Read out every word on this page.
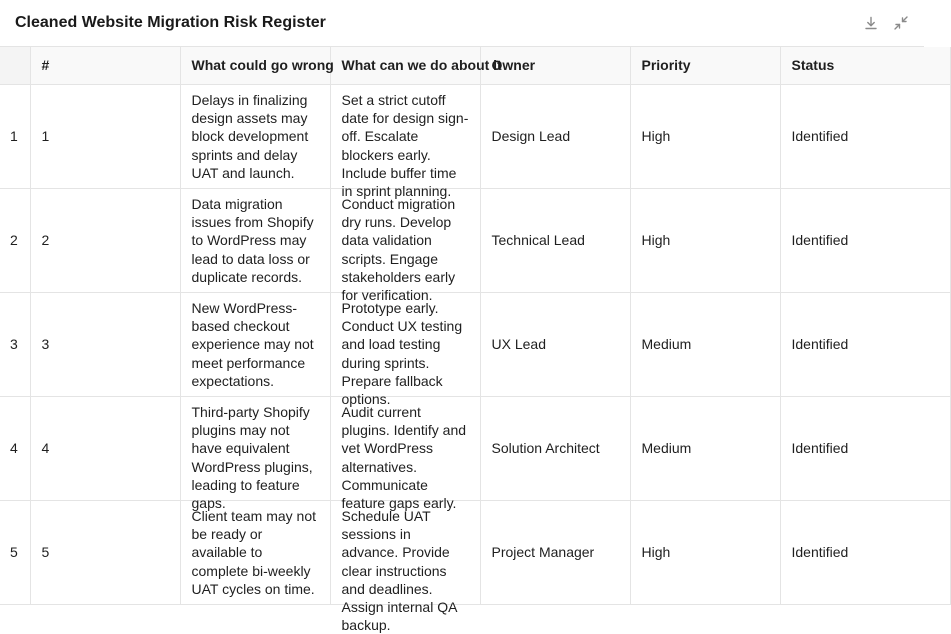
Cleaned Website Migration Risk Register
	#	What could go wrong	What can we do about it	Owner	Priority	Status
1	1	Delays in finalizing design assets may block development sprints and delay UAT and launch.	Set a strict cutoff date for design sign-off. Escalate blockers early. Include buffer time in sprint planning.	Design Lead	High	Identified
2	2	Data migration issues from Shopify to WordPress may lead to data loss or duplicate records.	Conduct migration dry runs. Develop data validation scripts. Engage stakeholders early for verification.	Technical Lead	High	Identified
3	3	New WordPress-based checkout experience may not meet performance expectations.	Prototype early. Conduct UX testing and load testing during sprints. Prepare fallback options.	UX Lead	Medium	Identified
4	4	Third-party Shopify plugins may not have equivalent WordPress plugins, leading to feature gaps.	Audit current plugins. Identify and vet WordPress alternatives. Communicate feature gaps early.	Solution Architect	Medium	Identified
5	5	Client team may not be ready or available to complete bi-weekly UAT cycles on time.	Schedule UAT sessions in advance. Provide clear instructions and deadlines. Assign internal QA backup.	Project Manager	High	Identified
